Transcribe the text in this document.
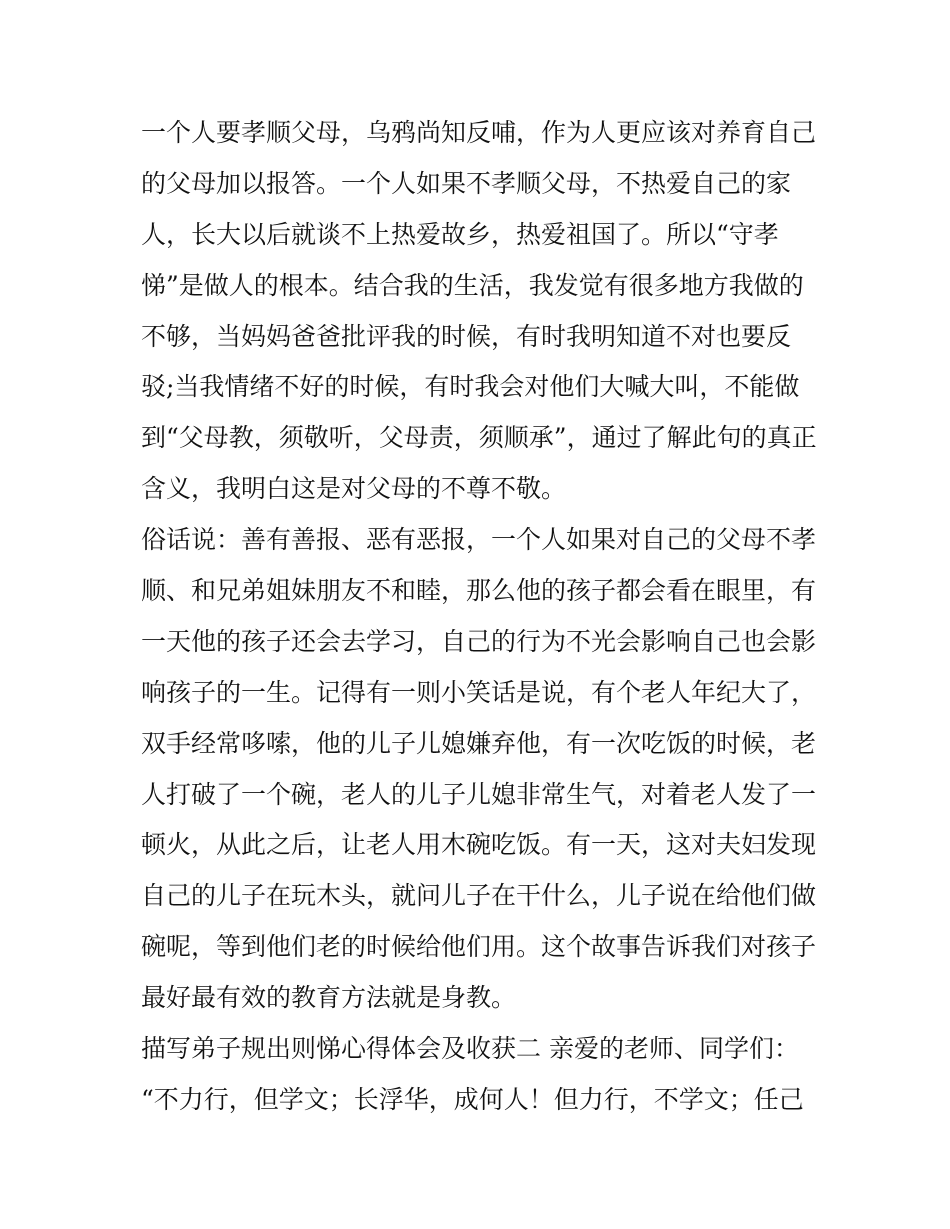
一个人要孝顺父母，乌鸦尚知反哺，作为人更应该对养育自己
的父母加以报答。一个人如果不孝顺父母，不热爱自己的家
人，长大以后就谈不上热爱故乡，热爱祖国了。所以“守孝
悌”是做人的根本。结合我的生活，我发觉有很多地方我做的
不够，当妈妈爸爸批评我的时候，有时我明知道不对也要反
驳;当我情绪不好的时候，有时我会对他们大喊大叫，不能做
到“父母教，须敬听，父母责，须顺承”，通过了解此句的真正
含义，我明白这是对父母的不尊不敬。
俗话说：善有善报、恶有恶报，一个人如果对自己的父母不孝
顺、和兄弟姐妹朋友不和睦，那么他的孩子都会看在眼里，有
一天他的孩子还会去学习，自己的行为不光会影响自己也会影
响孩子的一生。记得有一则小笑话是说，有个老人年纪大了，
双手经常哆嗦，他的儿子儿媳嫌弃他，有一次吃饭的时候，老
人打破了一个碗，老人的儿子儿媳非常生气，对着老人发了一
顿火，从此之后，让老人用木碗吃饭。有一天，这对夫妇发现
自己的儿子在玩木头，就问儿子在干什么，儿子说在给他们做
碗呢，等到他们老的时候给他们用。这个故事告诉我们对孩子
最好最有效的教育方法就是身教。
描写弟子规出则悌心得体会及收获二 亲爱的老师、同学们：
“不力行，但学文；长浮华，成何人！但力行，不学文；任己
